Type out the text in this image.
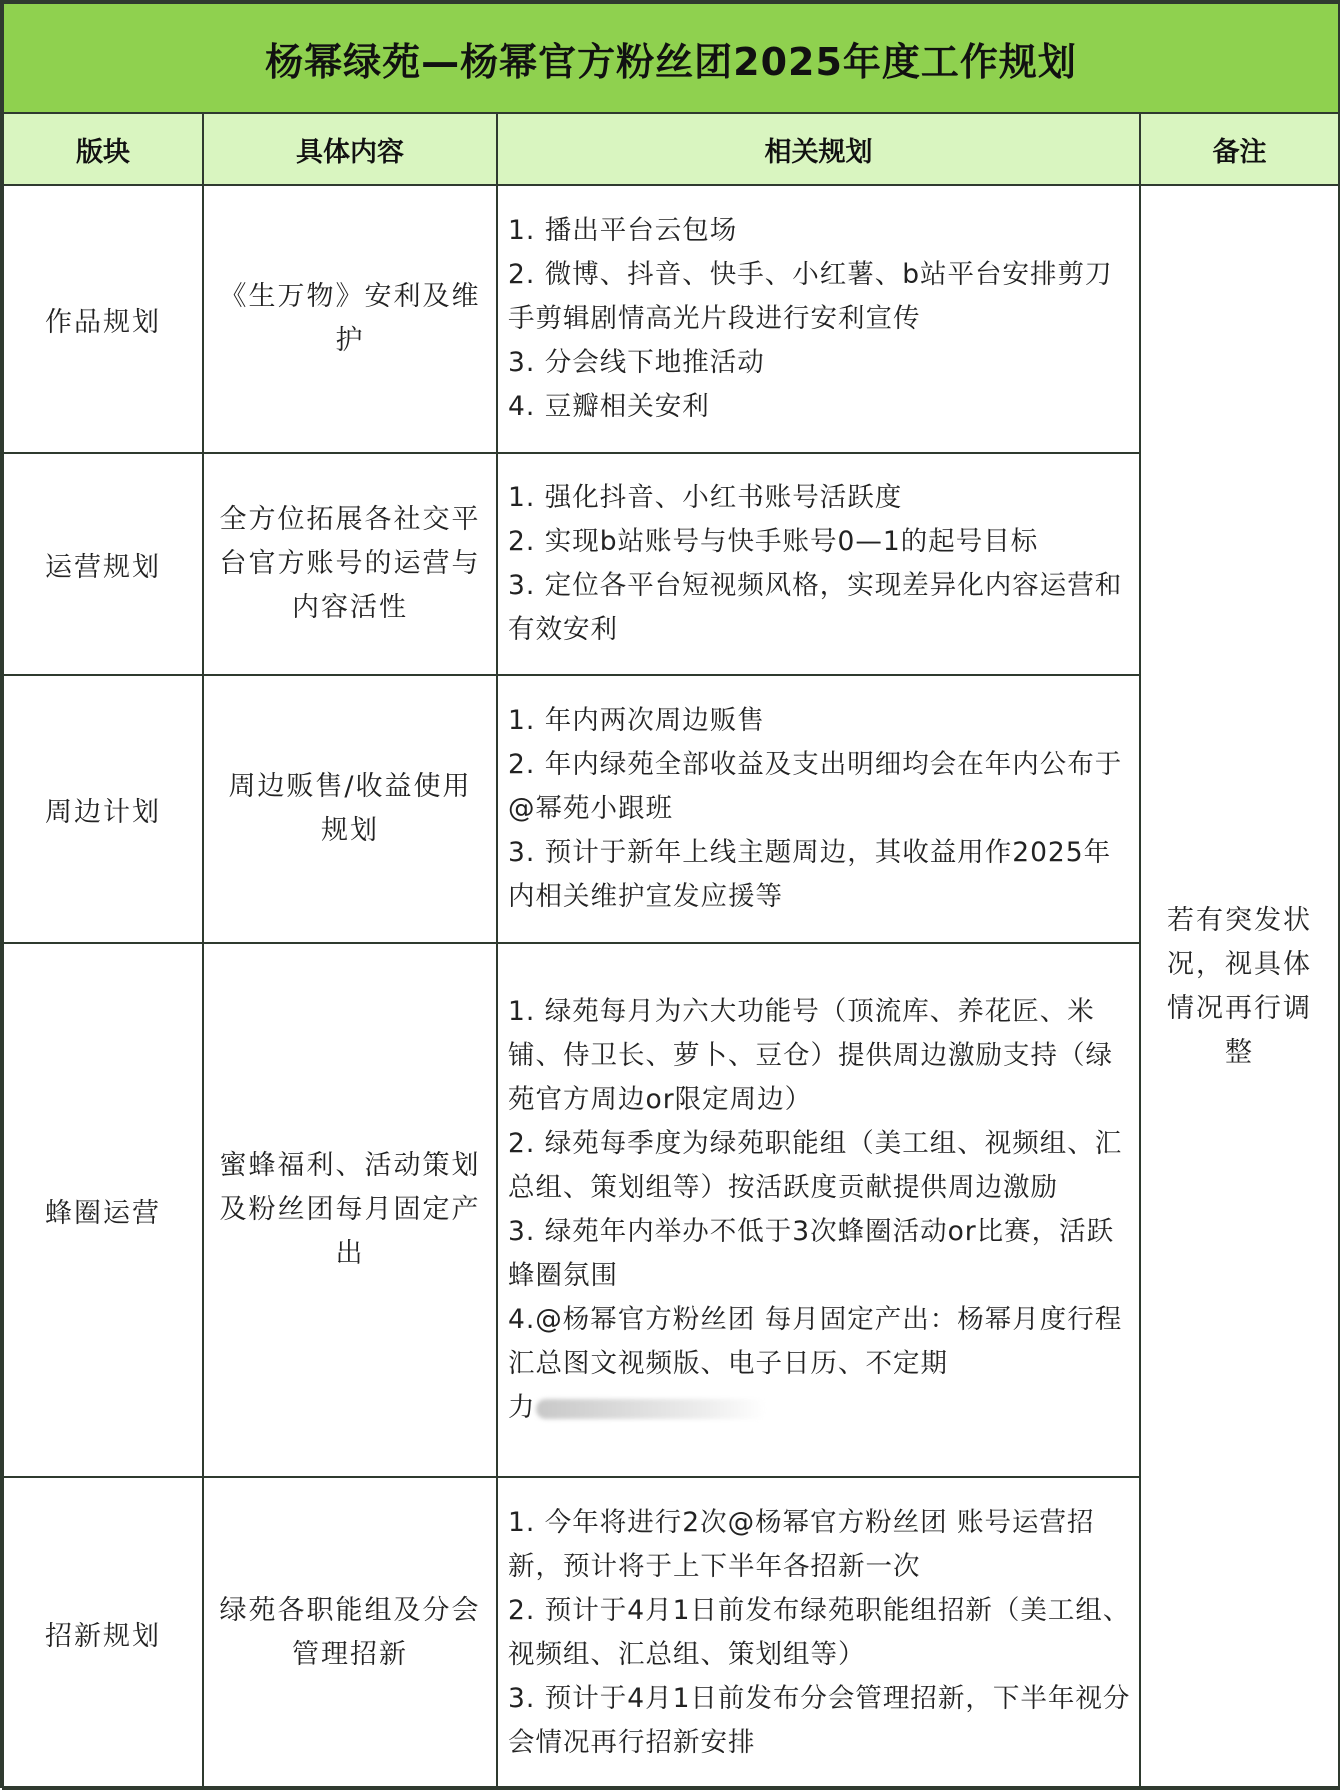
杨幂绿苑—杨幂官方粉丝团2025年度工作规划			
版块	具体内容	相关规划	备注
作品规划	《生万物》安利及维护	1. 播出平台云包场
2. 微博、抖音、快手、小红薯、b站平台安排剪刀手剪辑剧情高光片段进行安利宣传
3. 分会线下地推活动
4. 豆瓣相关安利	若有突发状况，视具体情况再行调整
运营规划	全方位拓展各社交平台官方账号的运营与内容活性	1. 强化抖音、小红书账号活跃度
2. 实现b站账号与快手账号0—1的起号目标
3. 定位各平台短视频风格，实现差异化内容运营和有效安利	

周边计划	周边贩售/收益使用规划	1. 年内两次周边贩售
2. 年内绿苑全部收益及支出明细均会在年内公布于@幂苑小跟班
3. 预计于新年上线主题周边，其收益用作2025年内相关维护宣发应援等	

蜂圈运营	蜜蜂福利、活动策划及粉丝团每月固定产出	1. 绿苑每月为六大功能号（顶流库、养花匠、米铺、侍卫长、萝卜、豆仓）提供周边激励支持（绿苑官方周边or限定周边）
2. 绿苑每季度为绿苑职能组（美工组、视频组、汇总组、策划组等）按活跃度贡献提供周边激励
3. 绿苑年内举办不低于3次蜂圈活动or比赛，活跃蜂圈氛围
4.@杨幂官方粉丝团 每月固定产出：杨幂月度行程汇总图文视频版、电子日历、不定期
力	

招新规划	绿苑各职能组及分会管理招新	1. 今年将进行2次@杨幂官方粉丝团 账号运营招新，预计将于上下半年各招新一次
2. 预计于4月1日前发布绿苑职能组招新（美工组、视频组、汇总组、策划组等）
3. 预计于4月1日前发布分会管理招新，下半年视分会情况再行招新安排	
